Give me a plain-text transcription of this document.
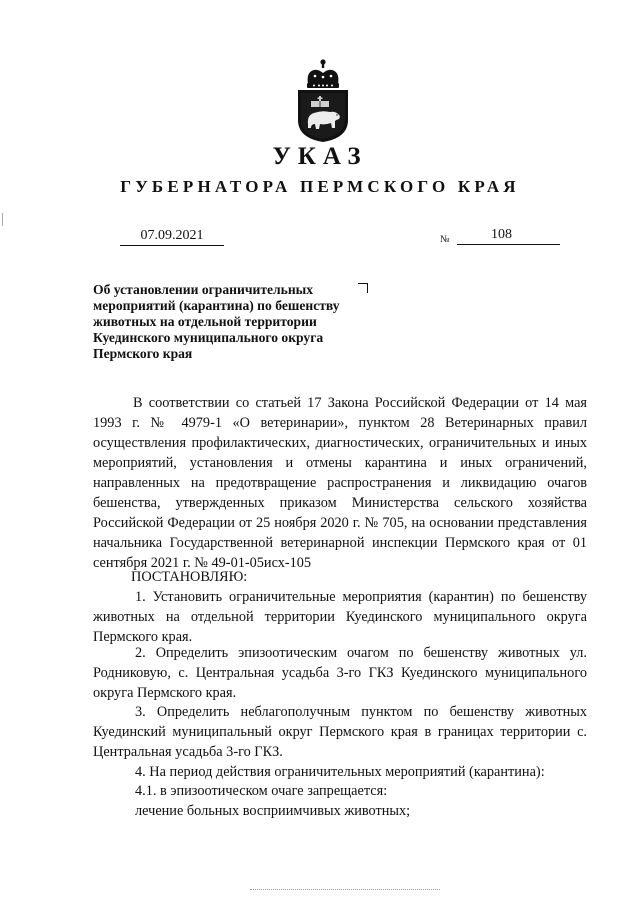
УКАЗ
ГУБЕРНАТОРА ПЕРМСКОГО КРАЯ
07.09.2021	№	108
Об установлении ограничительных мероприятий (карантина) по бешенству животных на отдельной территории Куединского муниципального округа Пермского края
В соответствии со статьей 17 Закона Российской Федерации от 14 мая 1993 г. № 4979-1 «О ветеринарии», пунктом 28 Ветеринарных правил осуществления профилактических, диагностических, ограничительных и иных мероприятий, установления и отмены карантина и иных ограничений, направленных на предотвращение распространения и ликвидацию очагов бешенства, утвержденных приказом Министерства сельского хозяйства Российской Федерации от 25 ноября 2020 г. № 705, на основании представления начальника Государственной ветеринарной инспекции Пермского края от 01 сентября 2021 г. № 49-01-05исх-105
ПОСТАНОВЛЯЮ:
1. Установить ограничительные мероприятия (карантин) по бешенству животных на отдельной территории Куединского муниципального округа Пермского края.
2. Определить эпизоотическим очагом по бешенству животных ул. Родниковую, с. Центральная усадьба 3-го ГКЗ Куединского муниципального округа Пермского края.
3. Определить неблагополучным пунктом по бешенству животных Куединский муниципальный округ Пермского края в границах территории с. Центральная усадьба 3-го ГКЗ.
4. На период действия ограничительных мероприятий (карантина):
4.1. в эпизоотическом очаге запрещается:
лечение больных восприимчивых животных;
